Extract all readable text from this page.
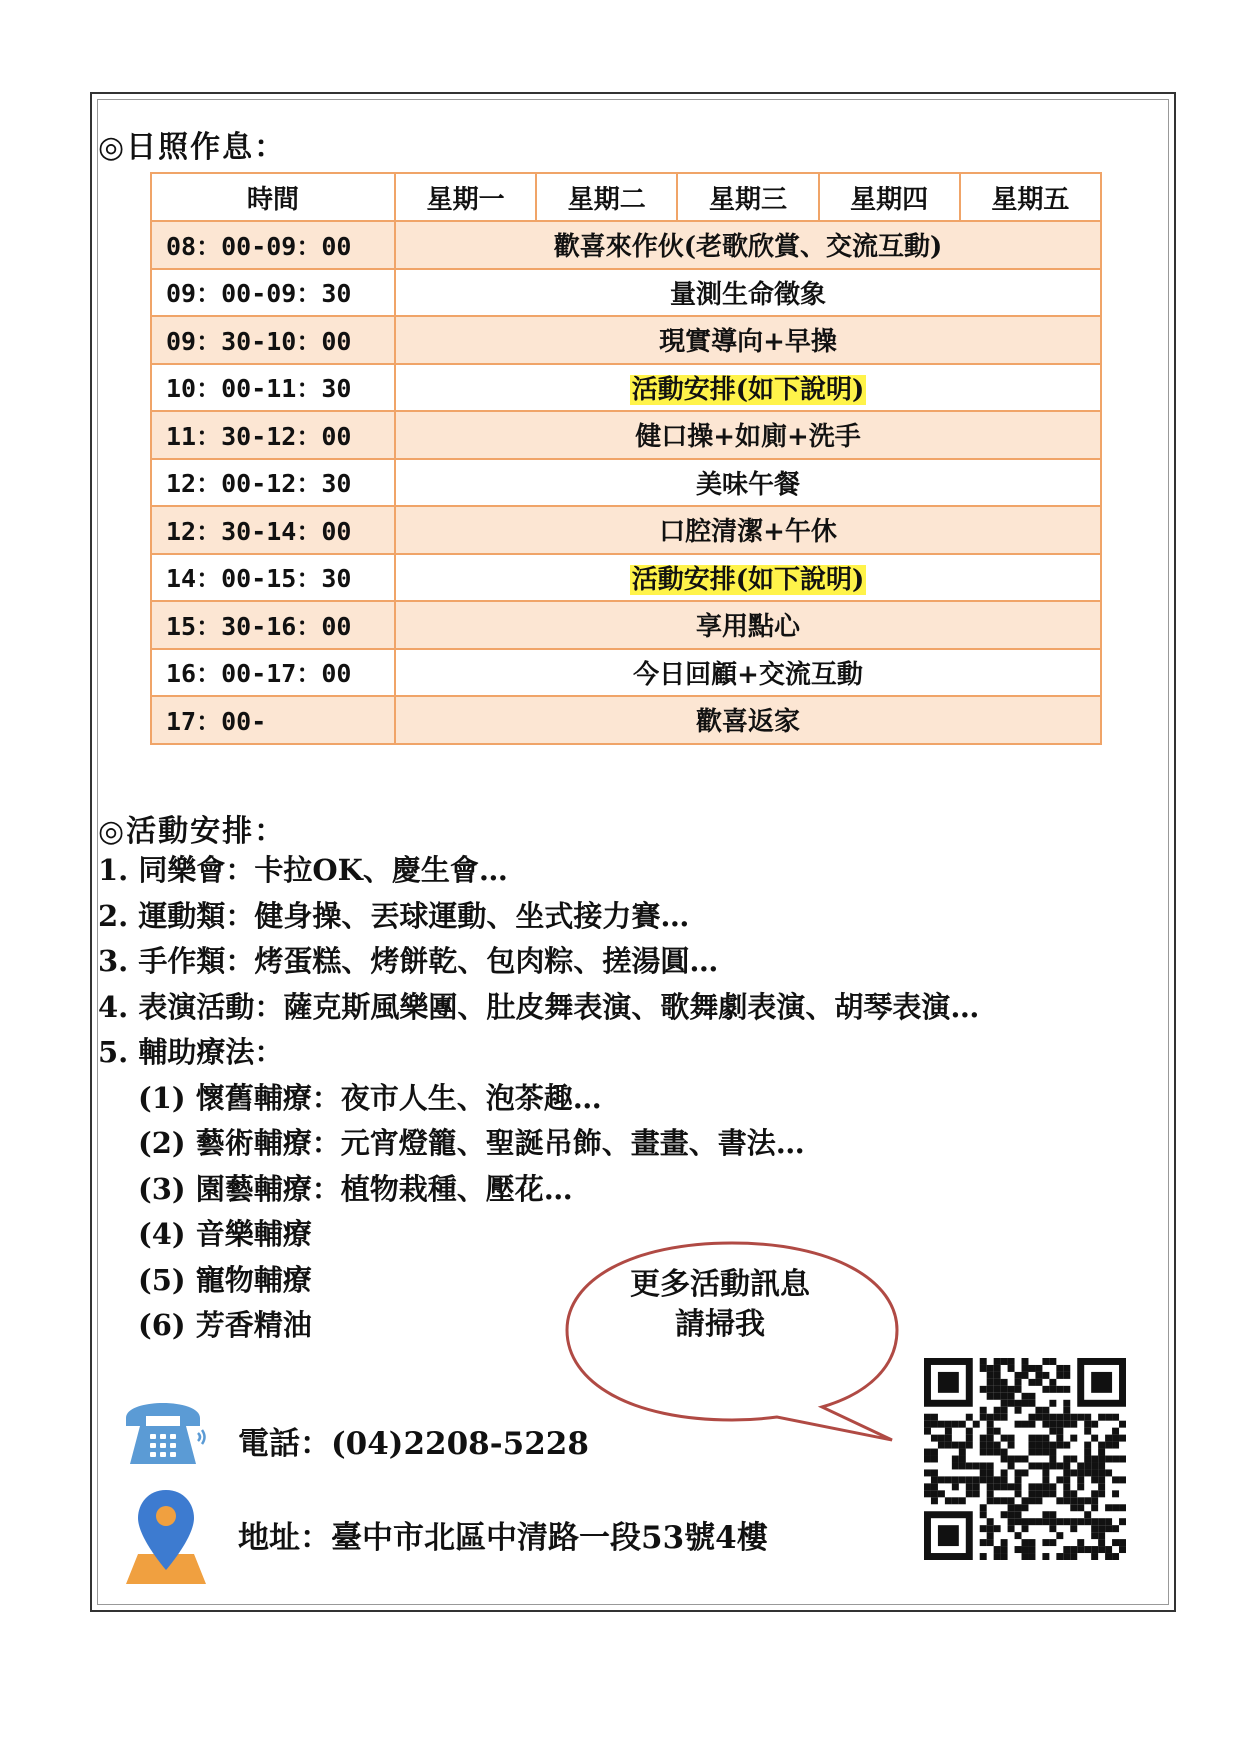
◎日照作息：
時間	星期一	星期二	星期三	星期四	星期五
08：00-09：00	歡喜來作伙(老歌欣賞、交流互動)				
09：00-09：30	量測生命徵象				
09：30-10：00	現實導向+早操				
10：00-11：30	活動安排(如下說明)				
11：30-12：00	健口操+如廁+洗手				
12：00-12：30	美味午餐				
12：30-14：00	口腔清潔+午休				
14：00-15：30	活動安排(如下說明)				
15：30-16：00	享用點心				
16：00-17：00	今日回顧+交流互動				
17：00-	歡喜返家				
◎活動安排：
1. 同樂會：卡拉OK、慶生會…
2. 運動類：健身操、丟球運動、坐式接力賽…
3. 手作類：烤蛋糕、烤餅乾、包肉粽、搓湯圓…
4. 表演活動：薩克斯風樂團、肚皮舞表演、歌舞劇表演、胡琴表演…
5. 輔助療法：
(1) 懷舊輔療：夜市人生、泡茶趣…
(2) 藝術輔療：元宵燈籠、聖誕吊飾、畫畫、書法…
(3) 園藝輔療：植物栽種、壓花…
(4) 音樂輔療
(5) 寵物輔療
(6) 芳香精油
更多活動訊息
請掃我
電話：(04)2208-5228
地址：臺中市北區中清路一段53號4樓
